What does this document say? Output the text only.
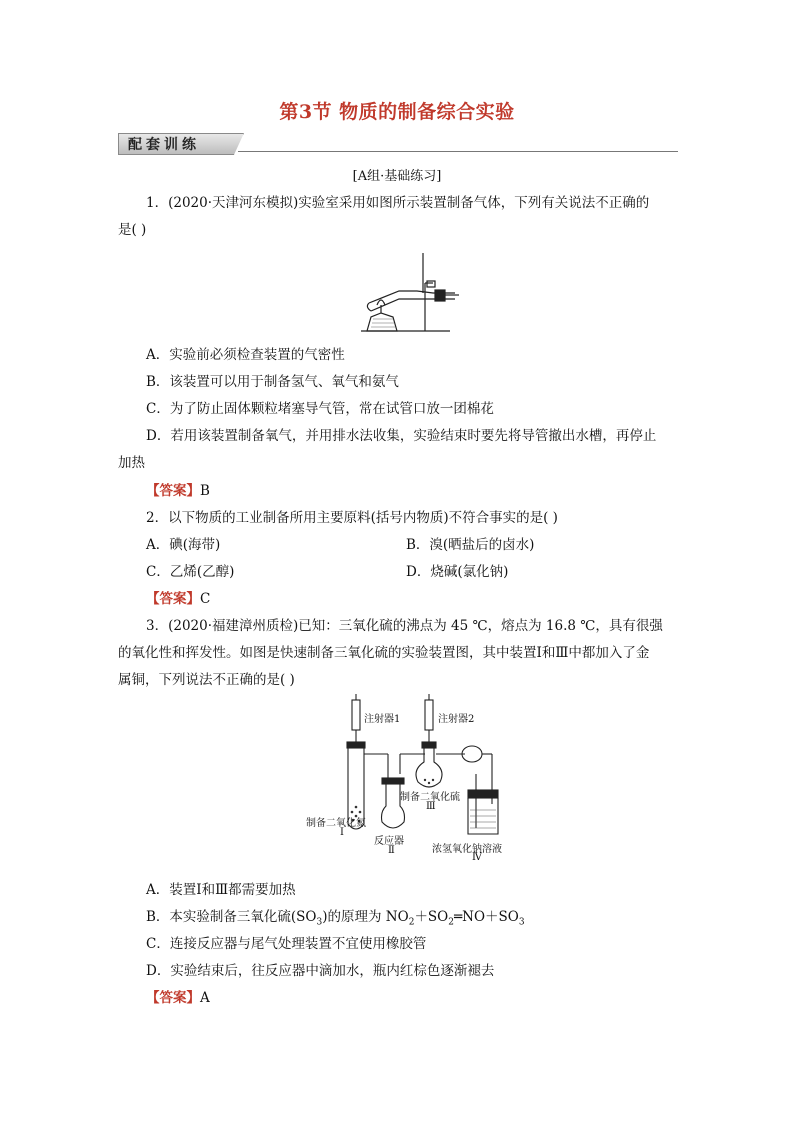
第3节 物质的制备综合实验
配套训练
[A组·基础练习]
1．(2020·天津河东模拟)实验室采用如图所示装置制备气体，下列有关说法不正确的
是( )
A．实验前必须检查装置的气密性
B．该装置可以用于制备氢气、氧气和氨气
C．为了防止固体颗粒堵塞导气管，常在试管口放一团棉花
D．若用该装置制备氧气，并用排水法收集，实验结束时要先将导管撤出水槽，再停止
加热
【答案】B
2．以下物质的工业制备所用主要原料(括号内物质)不符合事实的是( )
A．碘(海带)	B．溴(晒盐后的卤水)
C．乙烯(乙醇)	D．烧碱(氯化钠)
【答案】C
3．(2020·福建漳州质检)已知：三氧化硫的沸点为 45 ℃，熔点为 16.8 ℃，具有很强
的氧化性和挥发性。如图是快速制备三氧化硫的实验装置图，其中装置Ⅰ和Ⅲ中都加入了金
属铜，下列说法不正确的是( )
注射器1	注射器2
制备二氧化硫
Ⅲ
制备二氧化氮
Ⅰ
反应器
Ⅱ	浓氢氧化钠溶液
Ⅳ
A．装置Ⅰ和Ⅲ都需要加热
B．本实验制备三氧化硫$(SO_3)$的原理为 $NO_2+SO_2═NO+SO_3$
C．连接反应器与尾气处理装置不宜使用橡胶管
D．实验结束后，往反应器中滴加水，瓶内红棕色逐渐褪去
【答案】A
